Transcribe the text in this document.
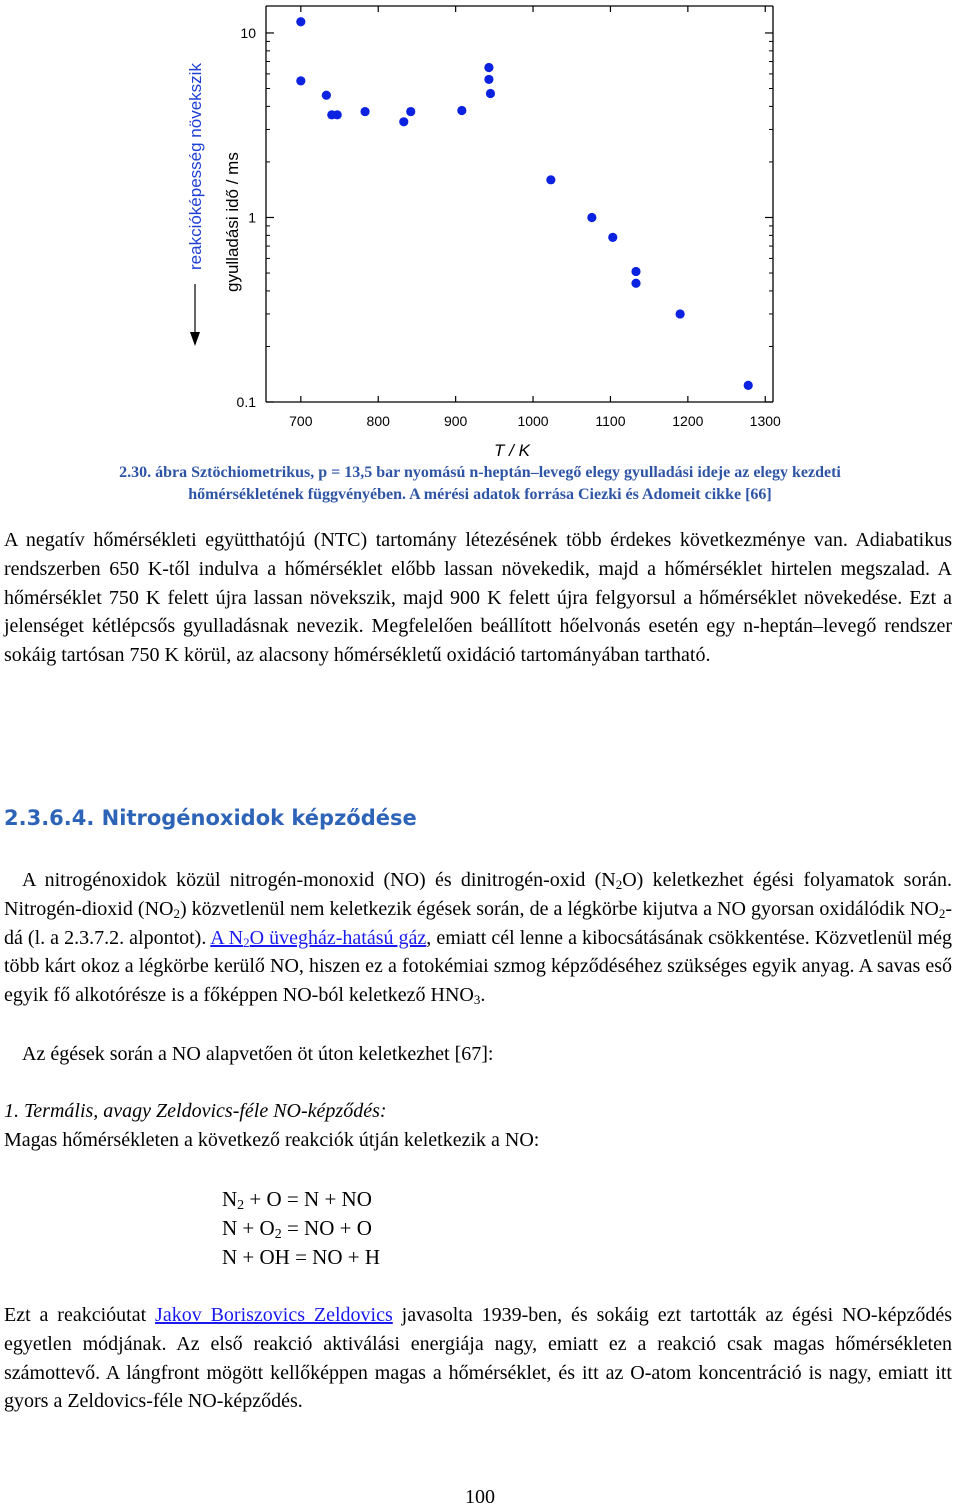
700	800	900	1000	1100	1200	1300
10
1
0.1
T / K
gyulladási idő / ms
reakcióképesség növekszik
2.30. ábra Sztöchiometrikus, p = 13,5 bar nyomású n-heptán–levegő elegy gyulladási ideje az elegy kezdeti
hőmérsékletének függvényében. A mérési adatok forrása Ciezki és Adomeit cikke [66]
A negatív hőmérsékleti együtthatójú (NTC) tartomány létezésének több érdekes következménye van. Adiabatikus rendszerben 650 K-től indulva a hőmérséklet előbb lassan növekedik, majd a hőmérséklet hirtelen megszalad. A hőmérséklet 750 K felett újra lassan növekszik, majd 900 K felett újra felgyorsul a hőmérséklet növekedése. Ezt a jelenséget kétlépcsős gyulladásnak nevezik. Megfelelően beállított hőelvonás esetén egy n-heptán–levegő rendszer sokáig tartósan 750 K körül, az alacsony hőmérsékletű oxidáció tartományában tartható.
2.3.6.4. Nitrogénoxidok képződése
A nitrogénoxidok közül nitrogén-monoxid (NO) és dinitrogén-oxid $(N_2O)$ keletkezhet égési folyamatok során. Nitrogén-dioxid $(NO_2)$ közvetlenül nem keletkezik égések során, de a légkörbe kijutva a NO gyorsan oxidálódik $NO_2-dá$ (l. a 2.3.7.2. alpontot). A $N_2O$ üvegház-hatású gáz, emiatt cél lenne a kibocsátásának csökkentése. Közvetlenül még több kárt okoz a légkörbe kerülő NO, hiszen ez a fotokémiai szmog képződéséhez szükséges egyik anyag. A savas eső egyik fő alkotórésze is a főképpen NO-ból keletkező $HNO_3$.
Az égések során a NO alapvetően öt úton keletkezhet [67]:
1. Termális, avagy Zeldovics-féle NO-képződés:
Magas hőmérsékleten a következő reakciók útján keletkezik a NO:
$N_2 + O = N$ + NO
$N + O_2$ = NO + O
N + OH = NO + H
Ezt a reakcióutat Jakov Boriszovics Zeldovics javasolta 1939-ben, és sokáig ezt tartották az égési NO-képződés egyetlen módjának. Az első reakció aktiválási energiája nagy, emiatt ez a reakció csak magas hőmérsékleten számottevő. A lángfront mögött kellőképpen magas a hőmérséklet, és itt az O-atom koncentráció is nagy, emiatt itt gyors a Zeldovics-féle NO-képződés.
100
